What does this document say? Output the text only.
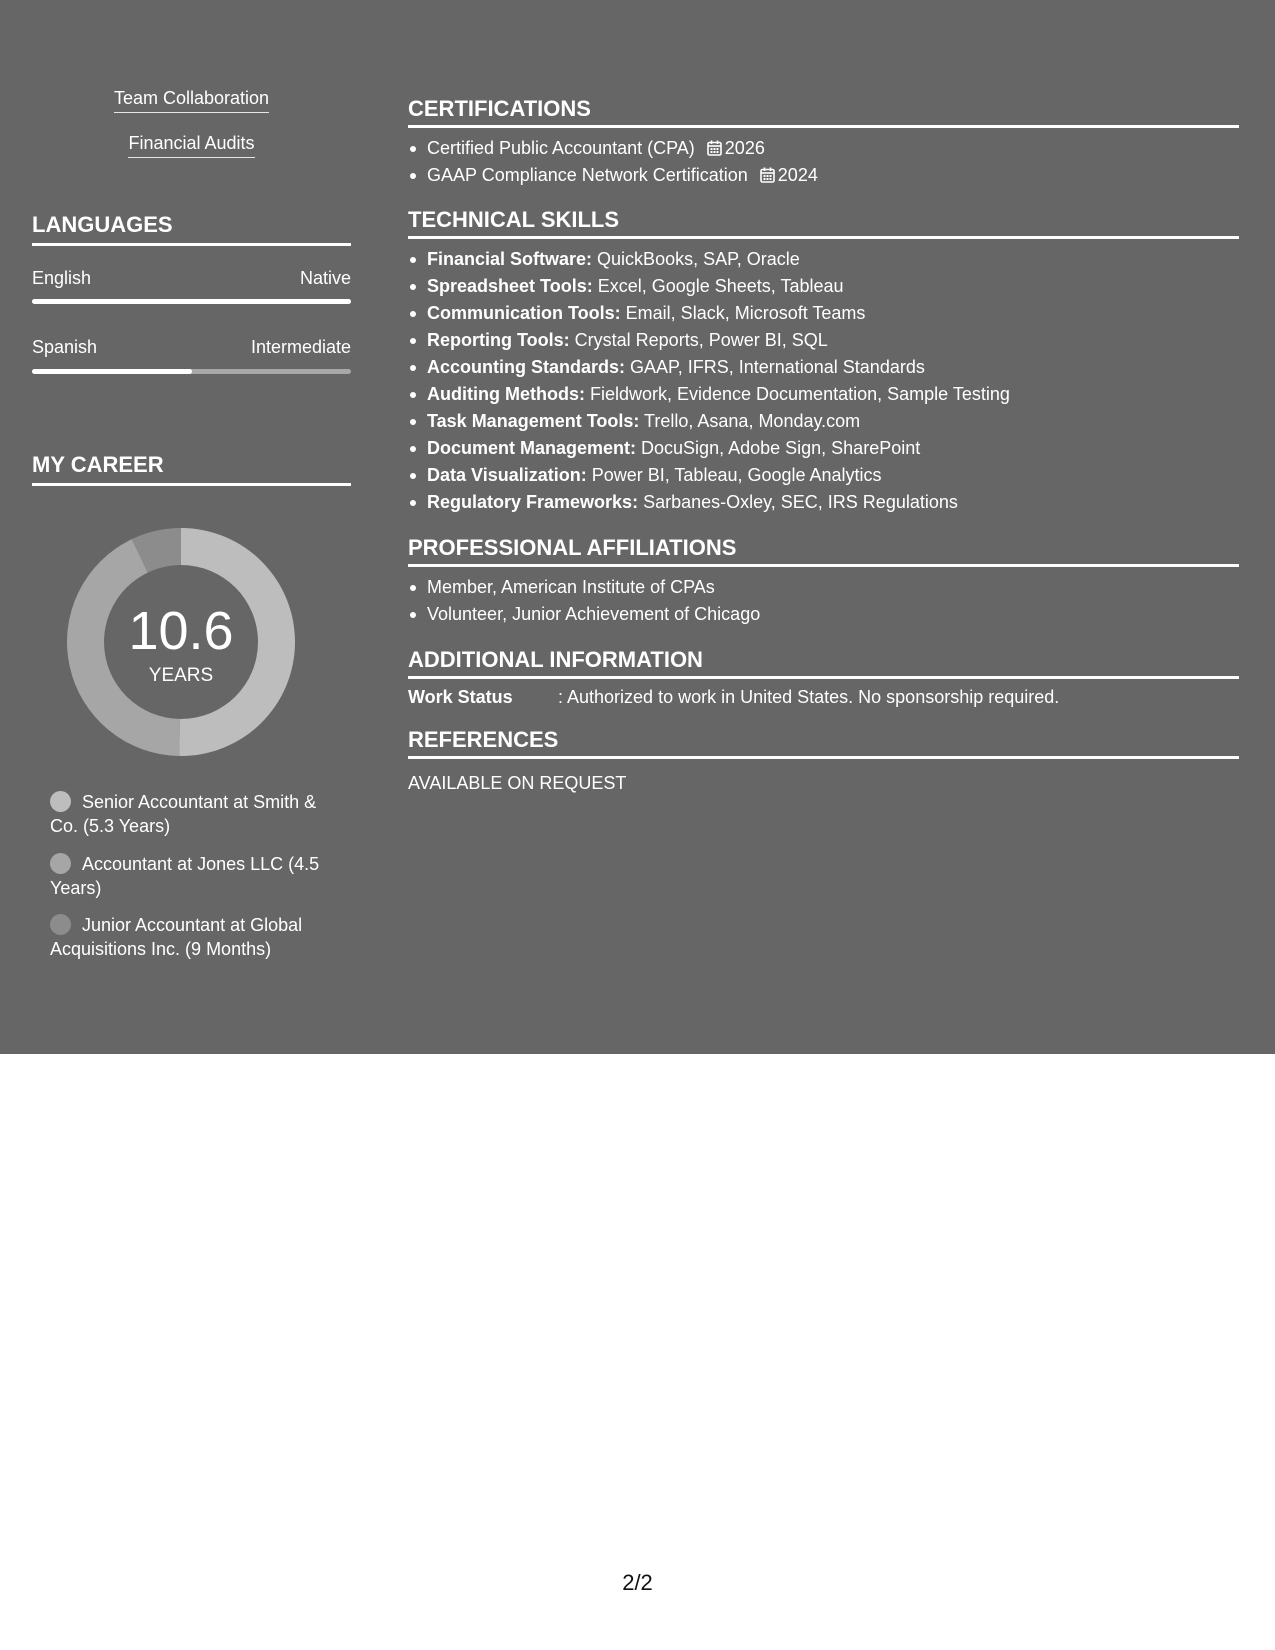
Team Collaboration
Financial Audits
LANGUAGES
English	Native
Spanish	Intermediate
MY CAREER
10.6
YEARS
Senior Accountant at Smith & Co. (5.3 Years)
Accountant at Jones LLC (4.5 Years)
Junior Accountant at Global Acquisitions Inc. (9 Months)
CERTIFICATIONS
Certified Public Accountant (CPA) 2026
GAAP Compliance Network Certification 2024
TECHNICAL SKILLS
Financial Software: QuickBooks, SAP, Oracle
Spreadsheet Tools: Excel, Google Sheets, Tableau
Communication Tools: Email, Slack, Microsoft Teams
Reporting Tools: Crystal Reports, Power BI, SQL
Accounting Standards: GAAP, IFRS, International Standards
Auditing Methods: Fieldwork, Evidence Documentation, Sample Testing
Task Management Tools: Trello, Asana, Monday.com
Document Management: DocuSign, Adobe Sign, SharePoint
Data Visualization: Power BI, Tableau, Google Analytics
Regulatory Frameworks: Sarbanes-Oxley, SEC, IRS Regulations
PROFESSIONAL AFFILIATIONS
Member, American Institute of CPAs
Volunteer, Junior Achievement of Chicago
ADDITIONAL INFORMATION
Work Status	: Authorized to work in United States. No sponsorship required.
REFERENCES
AVAILABLE ON REQUEST
2/2
